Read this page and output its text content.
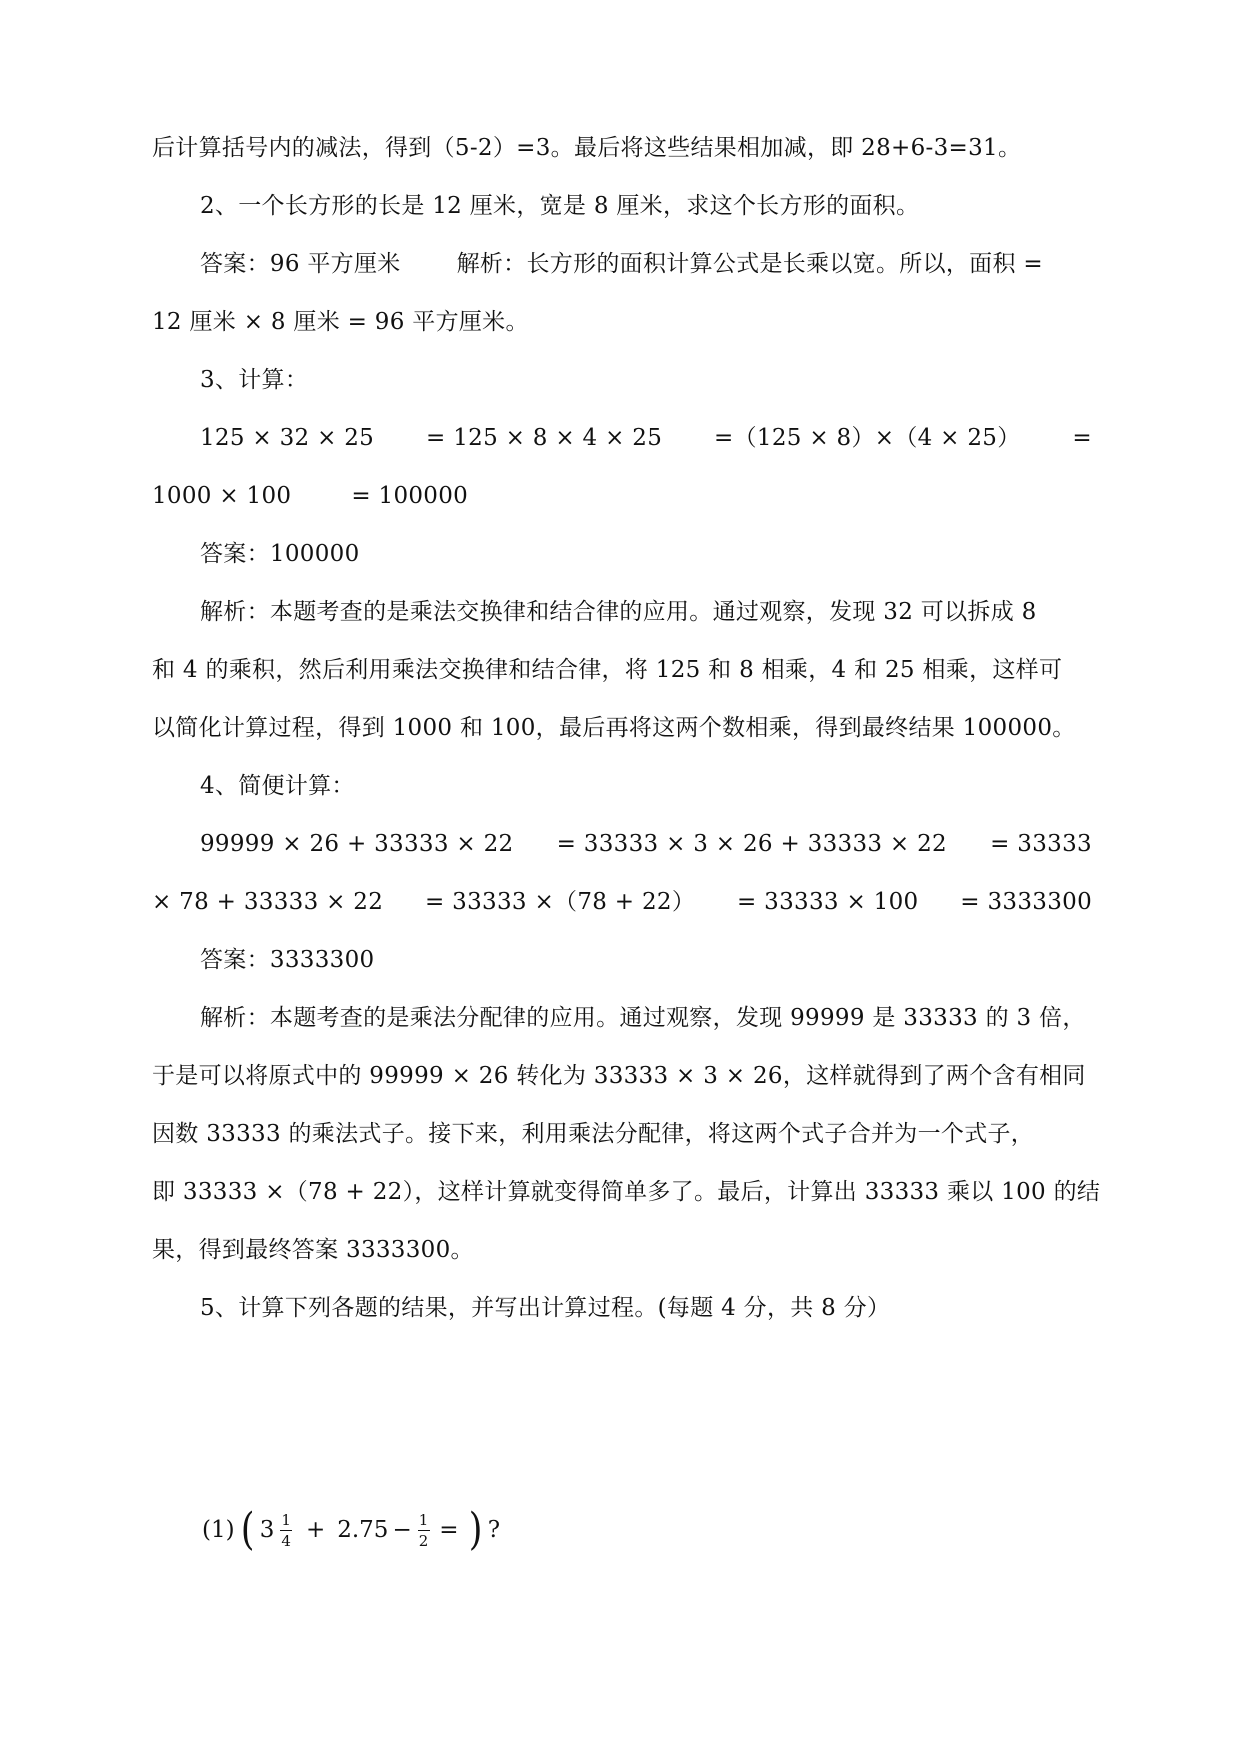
后计算括号内的减法，得到（5-2）=3。最后将这些结果相加减，即 28+6-3=31。
2、一个长方形的长是 12 厘米，宽是 8 厘米，求这个长方形的面积。
答案：96 平方厘米 解析：长方形的面积计算公式是长乘以宽。所以，面积 =
12 厘米 × 8 厘米 = 96 平方厘米。
3、计算：
125 × 32 × 25 = 125 × 8 × 4 × 25 =（125 × 8）×（4 × 25） =
1000 × 100	= 100000
答案：100000
解析：本题考查的是乘法交换律和结合律的应用。通过观察，发现 32 可以拆成 8
和 4 的乘积，然后利用乘法交换律和结合律，将 125 和 8 相乘，4 和 25 相乘，这样可
以简化计算过程，得到 1000 和 100，最后再将这两个数相乘，得到最终结果 100000。
4、简便计算：
99999 × 26 + 33333 × 22 = 33333 × 3 × 26 + 33333 × 22 = 33333
× 78 + 33333 × 22 = 33333 ×（78 + 22） = 33333 × 100 = 3333300
答案：3333300
解析：本题考查的是乘法分配律的应用。通过观察，发现 99999 是 33333 的 3 倍，
于是可以将原式中的 99999 × 26 转化为 33333 × 3 × 26，这样就得到了两个含有相同
因数 33333 的乘法式子。接下来，利用乘法分配律，将这两个式子合并为一个式子，
即 33333 ×（78 + 22），这样计算就变得简单多了。最后，计算出 33333 乘以 100 的结
果，得到最终答案 3333300。
5、计算下列各题的结果，并写出计算过程。(每题 4 分，共 8 分）
(1) ( $3 \frac{1}{4} + 2.75 - \frac{1}{2}$ = ) ?
